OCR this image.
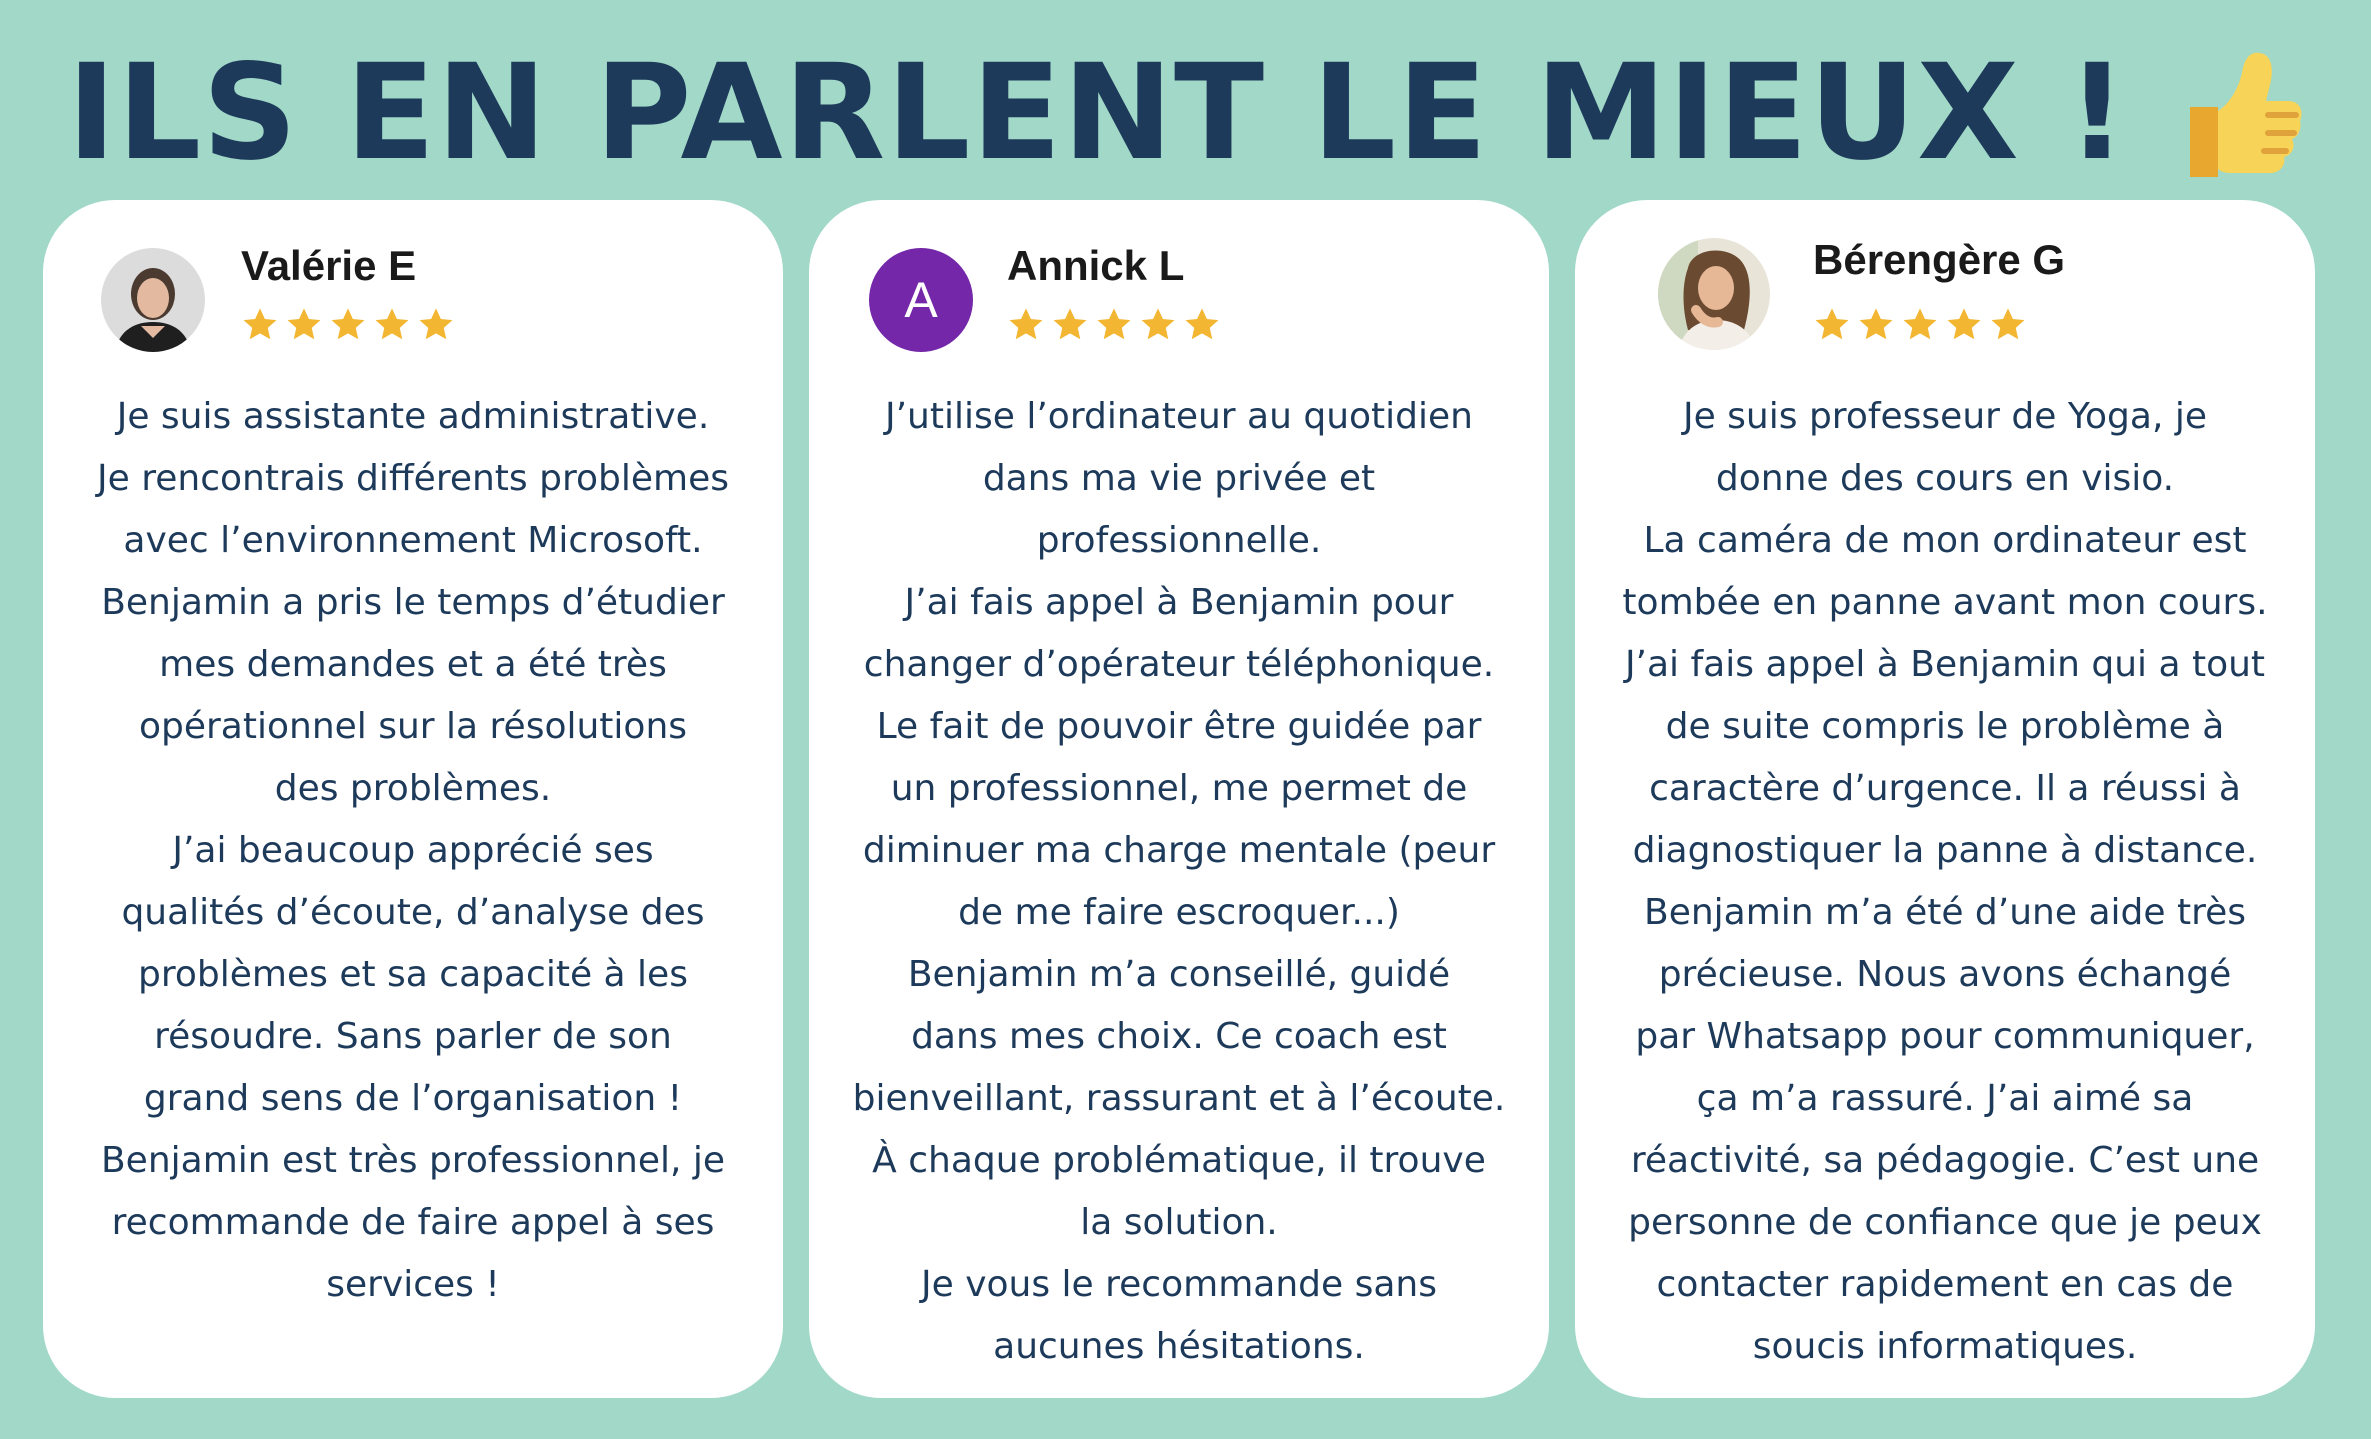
ILS EN PARLENT LE MIEUX !
Valérie E

Je suis assistante administrative.
Je rencontrais différents problèmes
avec l’environnement Microsoft.
Benjamin a pris le temps d’étudier
mes demandes et a été très
opérationnel sur la résolutions
des problèmes.
J’ai beaucoup apprécié ses
qualités d’écoute, d’analyse des
problèmes et sa capacité à les
résoudre. Sans parler de son
grand sens de l’organisation !
Benjamin est très professionnel, je
recommande de faire appel à ses
services !

A
Annick L

J’utilise l’ordinateur au quotidien
dans ma vie privée et
professionnelle.
J’ai fais appel à Benjamin pour
changer d’opérateur téléphonique.
Le fait de pouvoir être guidée par
un professionnel, me permet de
diminuer ma charge mentale (peur
de me faire escroquer...)
Benjamin m’a conseillé, guidé
dans mes choix. Ce coach est
bienveillant, rassurant et à l’écoute.
À chaque problématique, il trouve
la solution.
Je vous le recommande sans
aucunes hésitations.

Bérengère G

Je suis professeur de Yoga, je
donne des cours en visio.
La caméra de mon ordinateur est
tombée en panne avant mon cours.
J’ai fais appel à Benjamin qui a tout
de suite compris le problème à
caractère d’urgence. Il a réussi à
diagnostiquer la panne à distance.
Benjamin m’a été d’une aide très
précieuse. Nous avons échangé
par Whatsapp pour communiquer,
ça m’a rassuré. J’ai aimé sa
réactivité, sa pédagogie. C’est une
personne de confiance que je peux
contacter rapidement en cas de
soucis informatiques.
